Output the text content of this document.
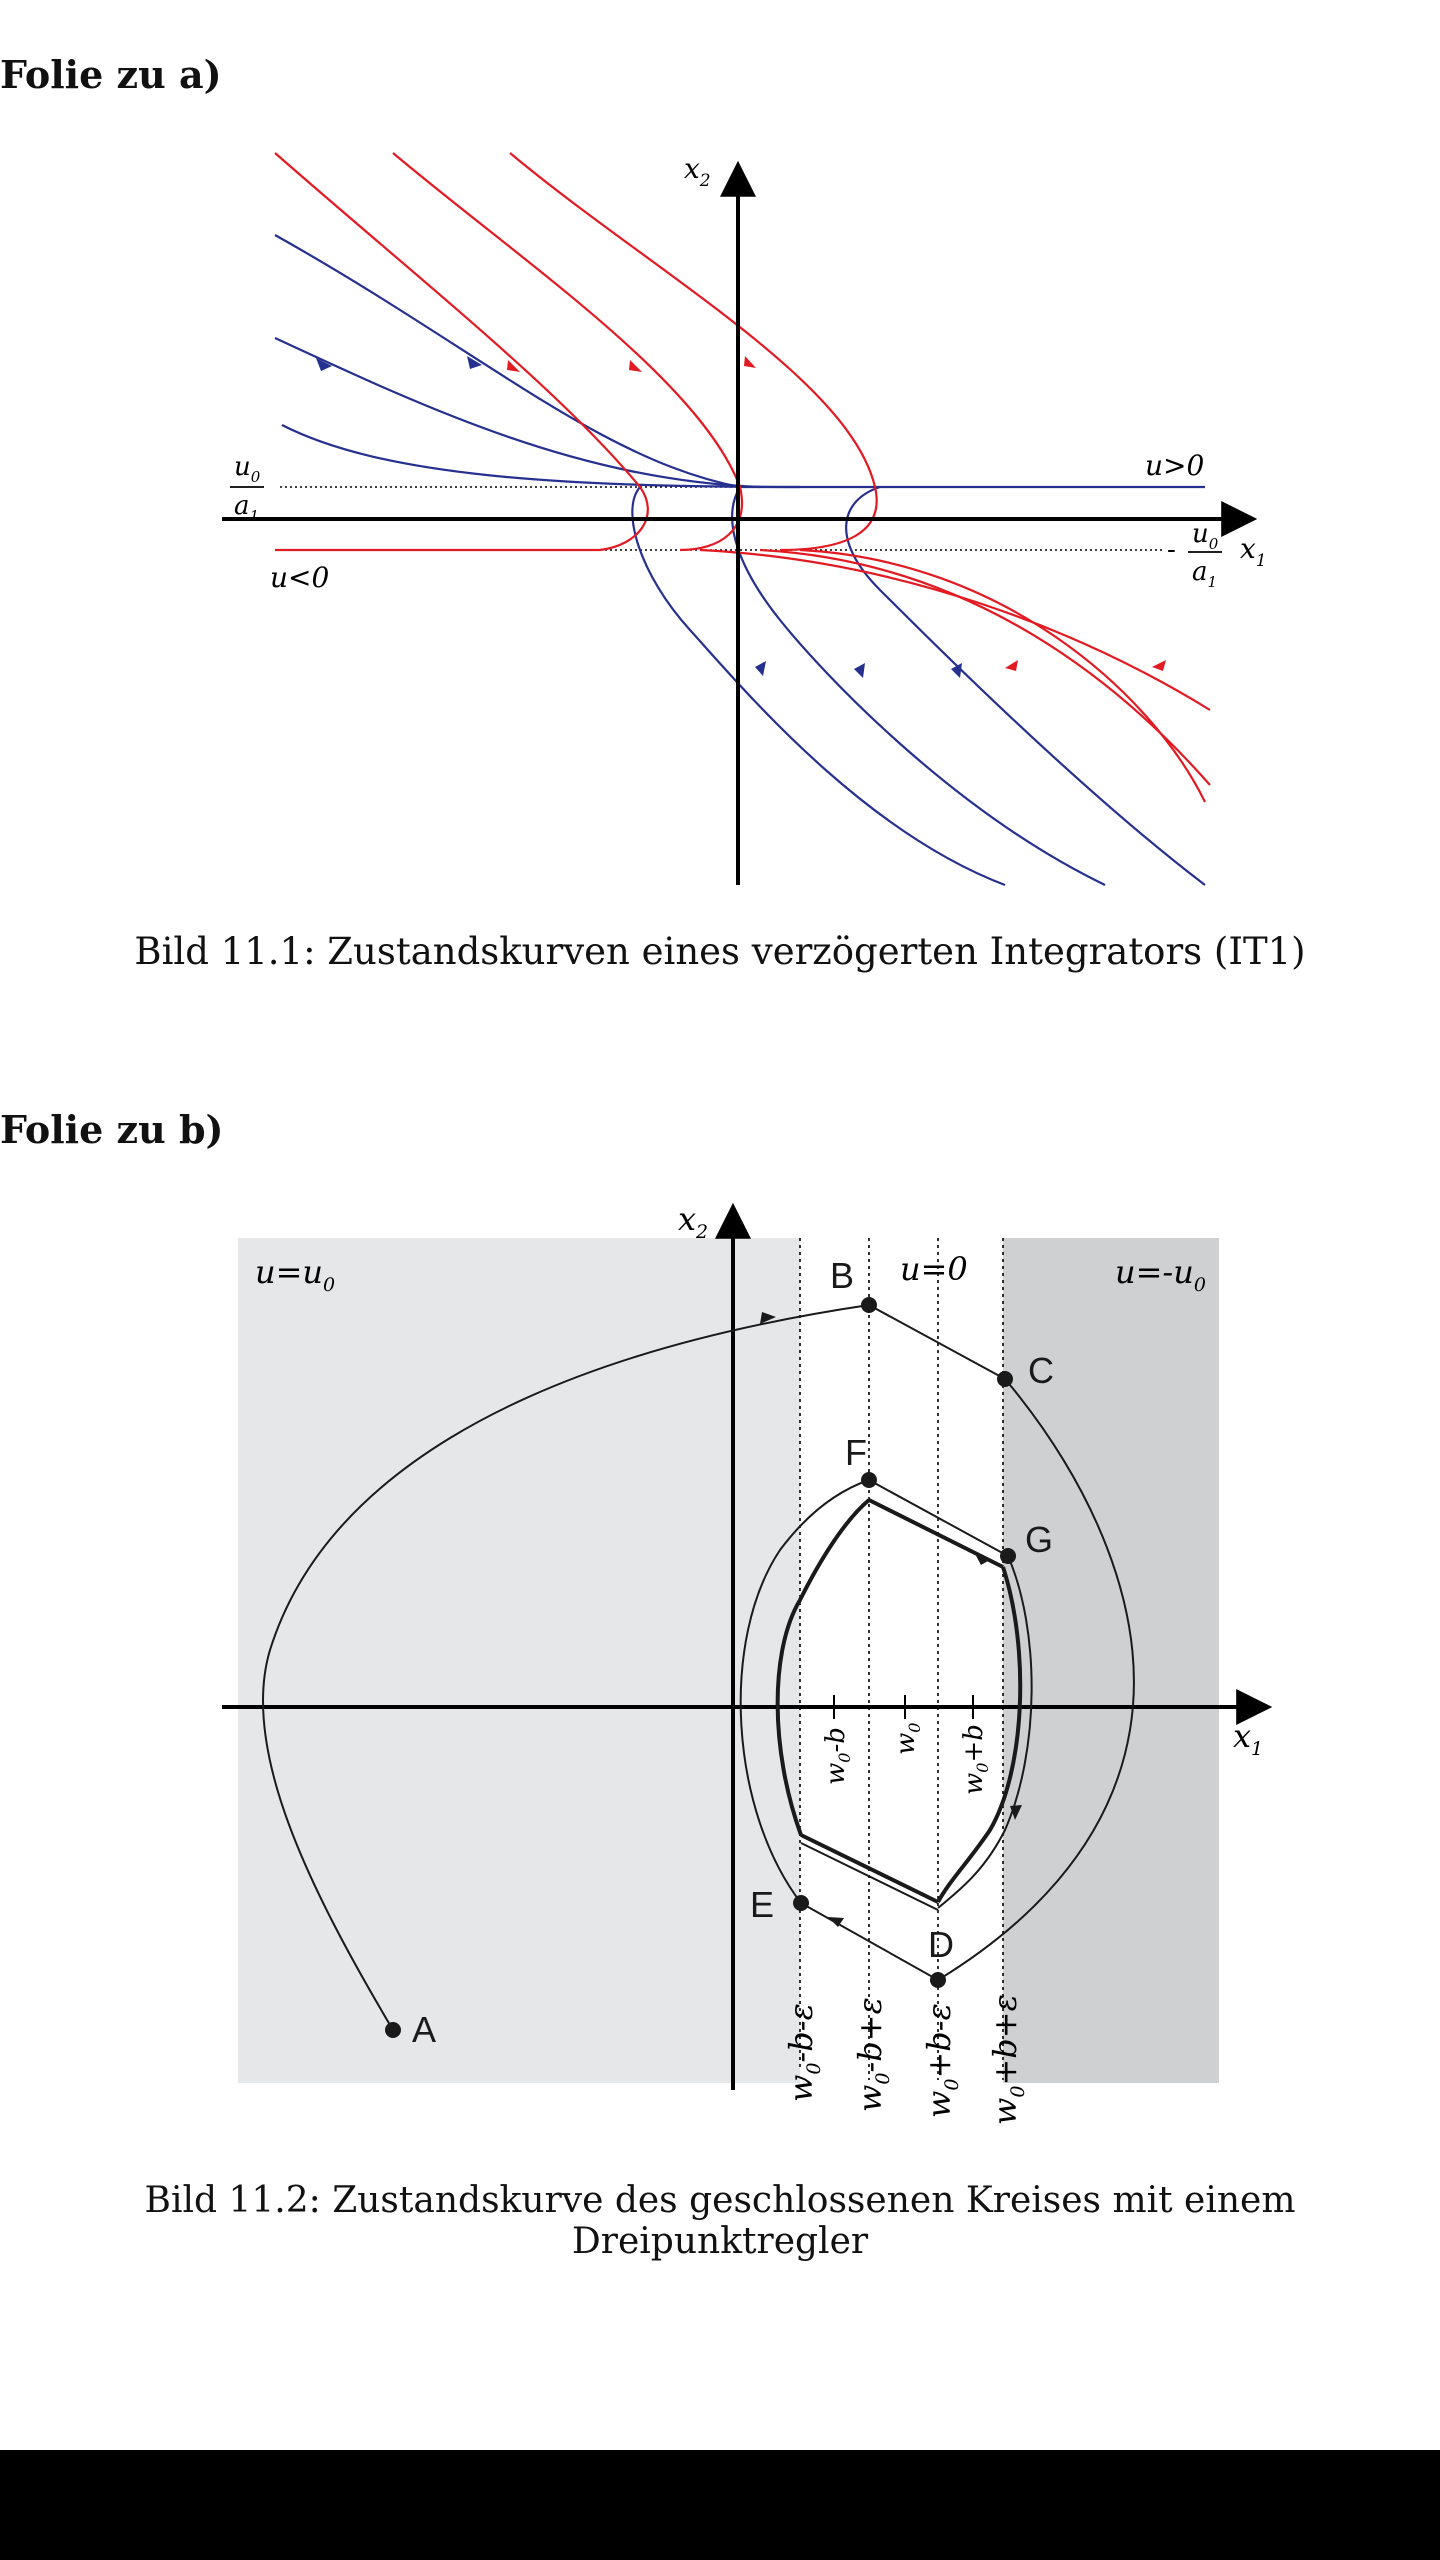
Folie zu a)
$x_2$
$x_1$
u>0
u<0
$u_0$
$a_1$
-
$u_0$
$a_1$
Bild 11.1: Zustandskurven eines verzögerten Integrators (IT1)
Folie zu b)
A
B
C
D
E
F
G
$u=u_0$	u=0	$u=-u_0$
$x_2$
$x_1$
$w_0-b$ $w_0$
$w_0+b$
$w_0-b-\varepsilon$
$w_0-b+\varepsilon$
$w_0+b-\varepsilon$
$w_0+b+\varepsilon$
Bild 11.2: Zustandskurve des geschlossenen Kreises mit einem Dreipunktregler
